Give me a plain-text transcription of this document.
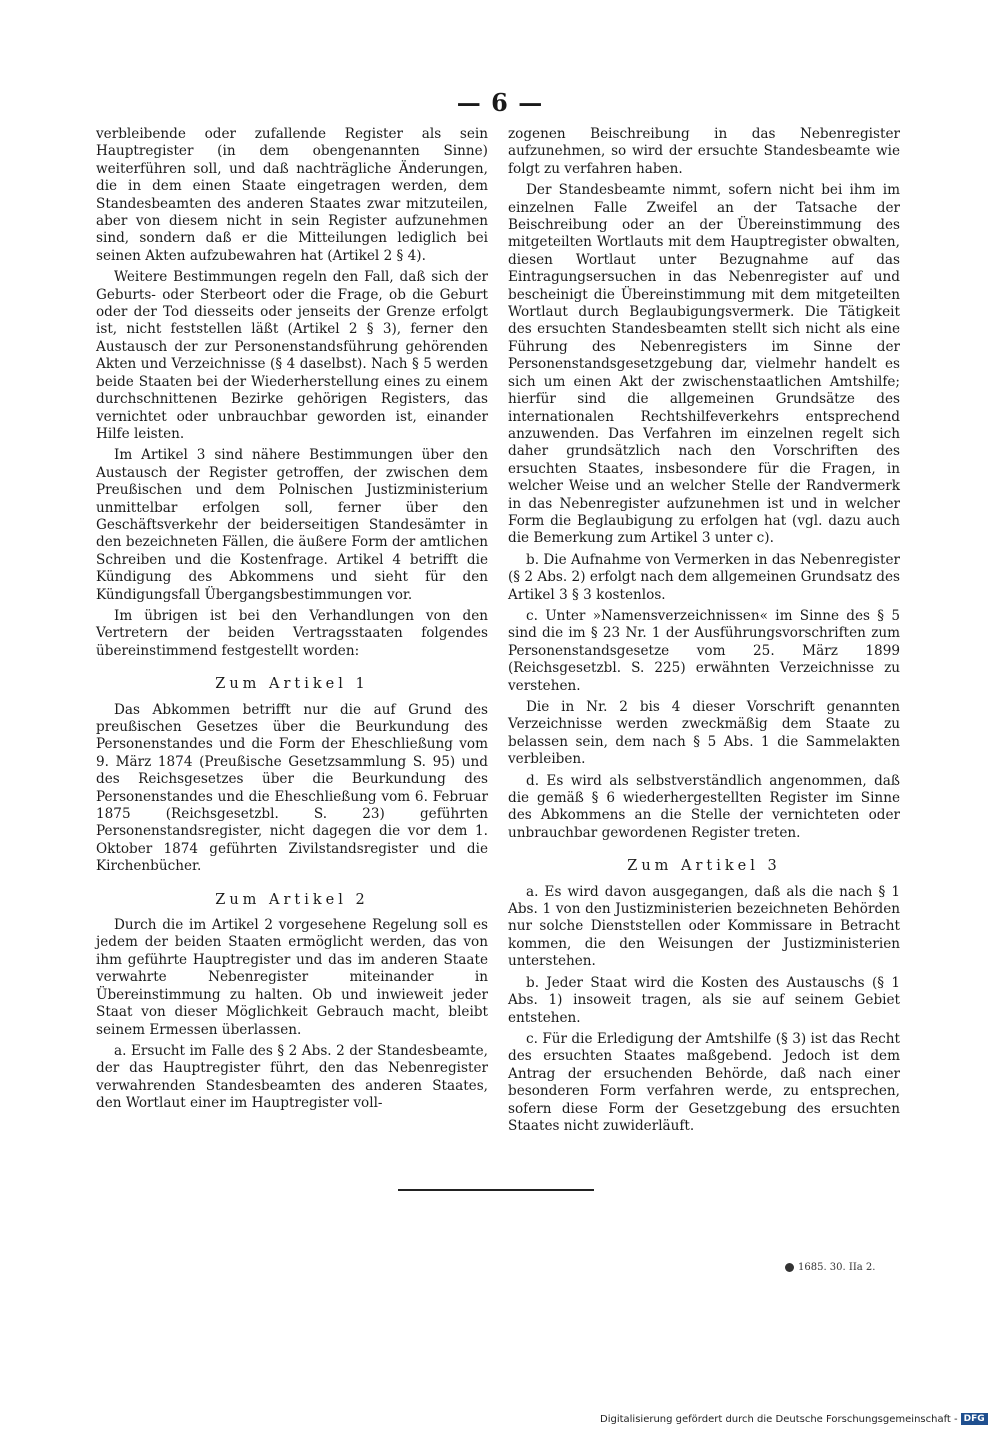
— 6 —

verbleibende oder zufallende Register als sein Hauptregister (in dem obengenannten Sinne) weiterführen soll, und daß nachträgliche Änderungen, die in dem einen Staate eingetragen werden, dem Standesbeamten des anderen Staates zwar mitzuteilen, aber von diesem nicht in sein Register aufzunehmen sind, sondern daß er die Mitteilungen lediglich bei seinen Akten aufzubewahren hat (Artikel 2 § 4).

Weitere Bestimmungen regeln den Fall, daß sich der Geburts- oder Sterbeort oder die Frage, ob die Geburt oder der Tod diesseits oder jenseits der Grenze erfolgt ist, nicht feststellen läßt (Artikel 2 § 3), ferner den Austausch der zur Personenstandsführung gehörenden Akten und Verzeichnisse (§ 4 daselbst). Nach § 5 werden beide Staaten bei der Wiederherstellung eines zu einem durchschnittenen Bezirke gehörigen Registers, das vernichtet oder unbrauchbar geworden ist, einander Hilfe leisten.

Im Artikel 3 sind nähere Bestimmungen über den Austausch der Register getroffen, der zwischen dem Preußischen und dem Polnischen Justizministerium unmittelbar erfolgen soll, ferner über den Geschäftsverkehr der beiderseitigen Standesämter in den bezeichneten Fällen, die äußere Form der amtlichen Schreiben und die Kostenfrage. Artikel 4 betrifft die Kündigung des Abkommens und sieht für den Kündigungsfall Übergangsbestimmungen vor.

Im übrigen ist bei den Verhandlungen von den Vertretern der beiden Vertragsstaaten folgendes übereinstimmend festgestellt worden:

Zum Artikel 1

Das Abkommen betrifft nur die auf Grund des preußischen Gesetzes über die Beurkundung des Personenstandes und die Form der Eheschließung vom 9. März 1874 (Preußische Gesetzsammlung S. 95) und des Reichsgesetzes über die Beurkundung des Personenstandes und die Eheschließung vom 6. Februar 1875 (Reichsgesetzbl. S. 23) geführten Personenstandsregister, nicht dagegen die vor dem 1. Oktober 1874 geführten Zivilstandsregister und die Kirchenbücher.

Zum Artikel 2

Durch die im Artikel 2 vorgesehene Regelung soll es jedem der beiden Staaten ermöglicht werden, das von ihm geführte Hauptregister und das im anderen Staate verwahrte Nebenregister miteinander in Übereinstimmung zu halten. Ob und inwieweit jeder Staat von dieser Möglichkeit Gebrauch macht, bleibt seinem Ermessen überlassen.

a. Ersucht im Falle des § 2 Abs. 2 der Standesbeamte, der das Hauptregister führt, den das Nebenregister verwahrenden Standesbeamten des anderen Staates, den Wortlaut einer im Hauptregister voll-

zogenen Beischreibung in das Nebenregister aufzunehmen, so wird der ersuchte Standesbeamte wie folgt zu verfahren haben.

Der Standesbeamte nimmt, sofern nicht bei ihm im einzelnen Falle Zweifel an der Tatsache der Beischreibung oder an der Übereinstimmung des mitgeteilten Wortlauts mit dem Hauptregister obwalten, diesen Wortlaut unter Bezugnahme auf das Eintragungsersuchen in das Nebenregister auf und bescheinigt die Übereinstimmung mit dem mitgeteilten Wortlaut durch Beglaubigungsvermerk. Die Tätigkeit des ersuchten Standesbeamten stellt sich nicht als eine Führung des Nebenregisters im Sinne der Personenstandsgesetzgebung dar, vielmehr handelt es sich um einen Akt der zwischenstaatlichen Amtshilfe; hierfür sind die allgemeinen Grundsätze des internationalen Rechtshilfeverkehrs entsprechend anzuwenden. Das Verfahren im einzelnen regelt sich daher grundsätzlich nach den Vorschriften des ersuchten Staates, insbesondere für die Fragen, in welcher Weise und an welcher Stelle der Randvermerk in das Nebenregister aufzunehmen ist und in welcher Form die Beglaubigung zu erfolgen hat (vgl. dazu auch die Bemerkung zum Artikel 3 unter c).

b. Die Aufnahme von Vermerken in das Nebenregister (§ 2 Abs. 2) erfolgt nach dem allgemeinen Grundsatz des Artikel 3 § 3 kostenlos.

c. Unter »Namensverzeichnissen« im Sinne des § 5 sind die im § 23 Nr. 1 der Ausführungsvorschriften zum Personenstandsgesetze vom 25. März 1899 (Reichsgesetzbl. S. 225) erwähnten Verzeichnisse zu verstehen.

Die in Nr. 2 bis 4 dieser Vorschrift genannten Verzeichnisse werden zweckmäßig dem Staate zu belassen sein, dem nach § 5 Abs. 1 die Sammelakten verbleiben.

d. Es wird als selbstverständlich angenommen, daß die gemäß § 6 wiederhergestellten Register im Sinne des Abkommens an die Stelle der vernichteten oder unbrauchbar gewordenen Register treten.

Zum Artikel 3

a. Es wird davon ausgegangen, daß als die nach § 1 Abs. 1 von den Justizministerien bezeichneten Behörden nur solche Dienststellen oder Kommissare in Betracht kommen, die den Weisungen der Justizministerien unterstehen.

b. Jeder Staat wird die Kosten des Austauschs (§ 1 Abs. 1) insoweit tragen, als sie auf seinem Gebiet entstehen.

c. Für die Erledigung der Amtshilfe (§ 3) ist das Recht des ersuchten Staates maßgebend. Jedoch ist dem Antrag der ersuchenden Behörde, daß nach einer besonderen Form verfahren werde, zu entsprechen, sofern diese Form der Gesetzgebung des ersuchten Staates nicht zuwiderläuft.

1685. 30. IIa 2.
Digitalisierung gefördert durch die Deutsche Forschungsgemeinschaft - DFG
